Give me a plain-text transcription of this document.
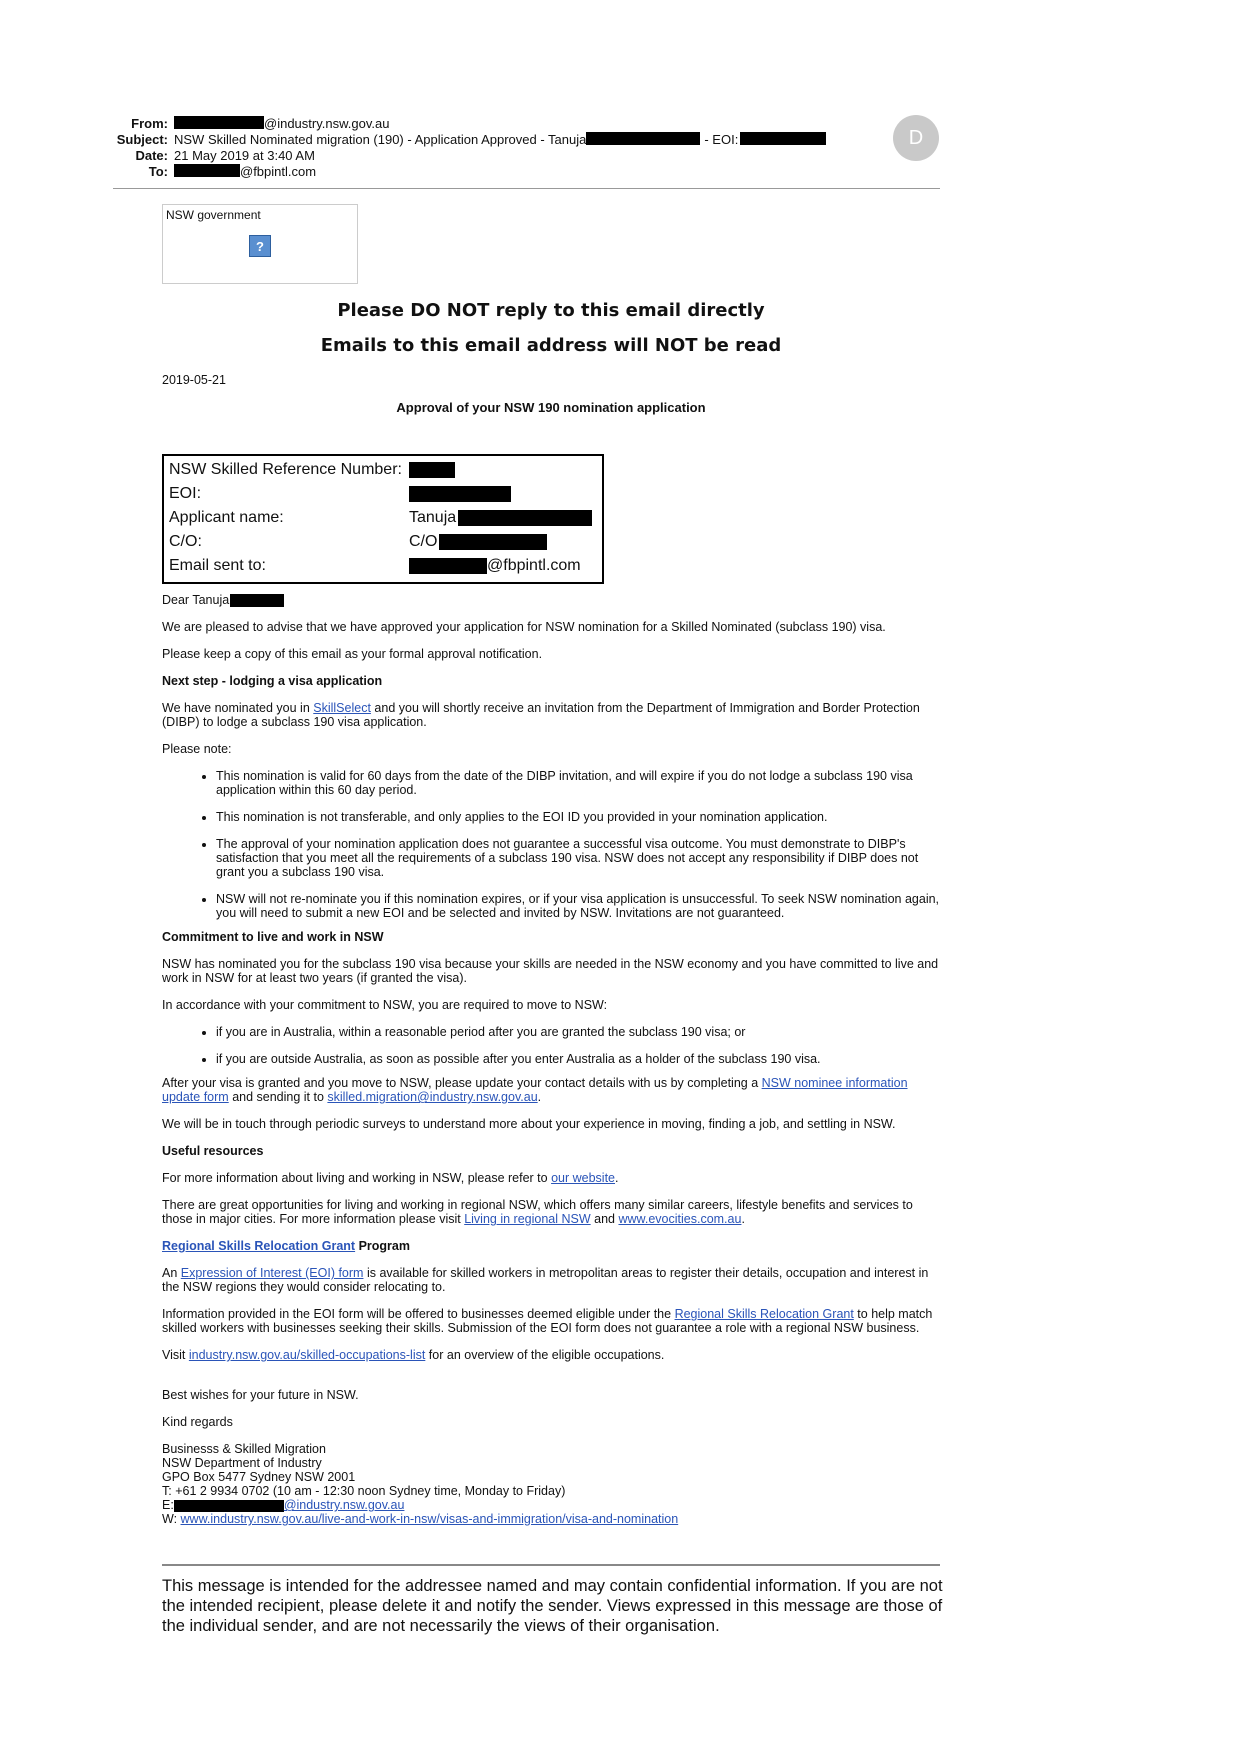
From:	@industry.nsw.gov.au
Subject: NSW Skilled Nominated migration (190) - Application Approved - Tanuja	- EOI:
Date: 21 May 2019 at 3:40 AM
To:	@fbpintl.com
D
NSW government
?
Please DO NOT reply to this email directly
Emails to this email address will NOT be read
2019-05-21
Approval of your NSW 190 nomination application
NSW Skilled Reference Number:
EOI:
Applicant name:	Tanuja
C/O:	C/O
Email sent to:	@fbpintl.com

Dear Tanuja

We are pleased to advise that we have approved your application for NSW nomination for a Skilled Nominated (subclass 190) visa.

Please keep a copy of this email as your formal approval notification.

Next step - lodging a visa application

We have nominated you in SkillSelect and you will shortly receive an invitation from the Department of Immigration and Border Protection (DIBP) to lodge a subclass 190 visa application.

Please note:

• This nomination is valid for 60 days from the date of the DIBP invitation, and will expire if you do not lodge a subclass 190 visa application within this 60 day period.
• This nomination is not transferable, and only applies to the EOI ID you provided in your nomination application.
• The approval of your nomination application does not guarantee a successful visa outcome. You must demonstrate to DIBP's satisfaction that you meet all the requirements of a subclass 190 visa. NSW does not accept any responsibility if DIBP does not grant you a subclass 190 visa.
• NSW will not re-nominate you if this nomination expires, or if your visa application is unsuccessful. To seek NSW nomination again, you will need to submit a new EOI and be selected and invited by NSW. Invitations are not guaranteed.
Commitment to live and work in NSW

NSW has nominated you for the subclass 190 visa because your skills are needed in the NSW economy and you have committed to live and work in NSW for at least two years (if granted the visa).

In accordance with your commitment to NSW, you are required to move to NSW:

• if you are in Australia, within a reasonable period after you are granted the subclass 190 visa; or
• if you are outside Australia, as soon as possible after you enter Australia as a holder of the subclass 190 visa.

After your visa is granted and you move to NSW, please update your contact details with us by completing a NSW nominee information update form and sending it to skilled.migration@industry.nsw.gov.au.

We will be in touch through periodic surveys to understand more about your experience in moving, finding a job, and settling in NSW.

Useful resources

For more information about living and working in NSW, please refer to our website.

There are great opportunities for living and working in regional NSW, which offers many similar careers, lifestyle benefits and services to those in major cities. For more information please visit Living in regional NSW and www.evocities.com.au.

Regional Skills Relocation Grant Program

An Expression of Interest (EOI) form is available for skilled workers in metropolitan areas to register their details, occupation and interest in the NSW regions they would consider relocating to.

Information provided in the EOI form will be offered to businesses deemed eligible under the Regional Skills Relocation Grant to help match skilled workers with businesses seeking their skills. Submission of the EOI form does not guarantee a role with a regional NSW business.

Visit industry.nsw.gov.au/skilled-occupations-list for an overview of the eligible occupations.

Best wishes for your future in NSW.

Kind regards

Businesss & Skilled Migration
NSW Department of Industry
GPO Box 5477 Sydney NSW 2001
T: +61 2 9934 0702 (10 am - 12:30 noon Sydney time, Monday to Friday)
E:	@industry.nsw.gov.au
W: www.industry.nsw.gov.au/live-and-work-in-nsw/visas-and-immigration/visa-and-nomination
This message is intended for the addressee named and may contain confidential information. If you are not the intended recipient, please delete it and notify the sender. Views expressed in this message are those of the individual sender, and are not necessarily the views of their organisation.
